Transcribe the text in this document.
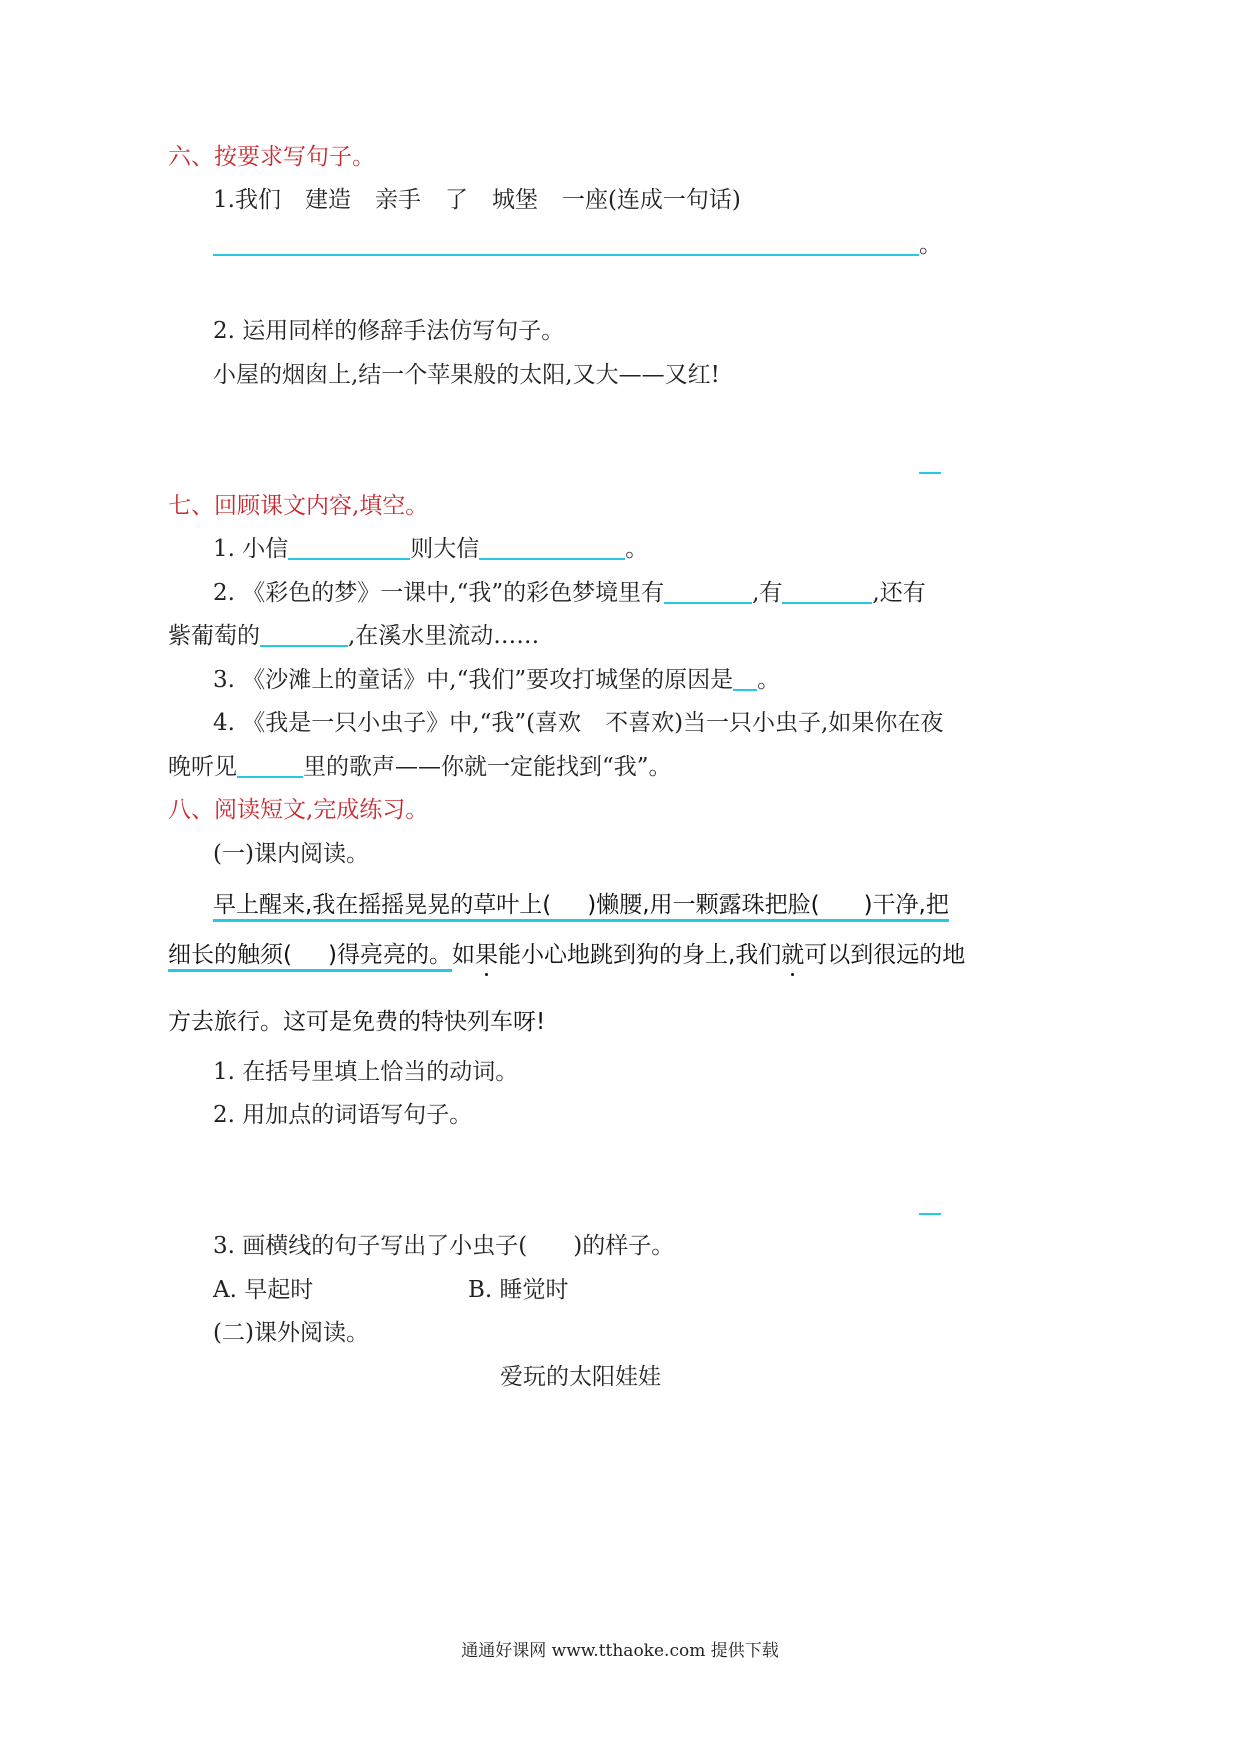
六、按要求写句子。
1.我们 建造 亲手 了 城堡 一座(连成一句话)
。
2. 运用同样的修辞手法仿写句子。
小屋的烟囱上,结一个苹果般的太阳,又大——又红!
七、回顾课文内容,填空。
1. 小信	则大信	。
2. 《彩色的梦》一课中,“我”的彩色梦境里有	,有	,还有
紫葡萄的	,在溪水里流动……
3. 《沙滩上的童话》中,“我们”要攻打城堡的原因是 。
4. 《我是一只小虫子》中,“我”(喜欢 不喜欢)当一只小虫子,如果你在夜
晚听见	里的歌声——你就一定能找到“我”。
八、阅读短文,完成练习。
(一)课内阅读。
早上醒来,我在摇摇晃晃的草叶上( )懒腰,用一颗露珠把脸( )干净,把
细长的触须( )得亮亮的。如果能小心地跳到狗的身上,我们就可以到很远的地
方去旅行。这可是免费的特快列车呀!
1. 在括号里填上恰当的动词。
2. 用加点的词语写句子。
3. 画横线的句子写出了小虫子( )的样子。
A. 早起时	B. 睡觉时
(二)课外阅读。
爱玩的太阳娃娃
通通好课网 www.tthaoke.com 提供下载
